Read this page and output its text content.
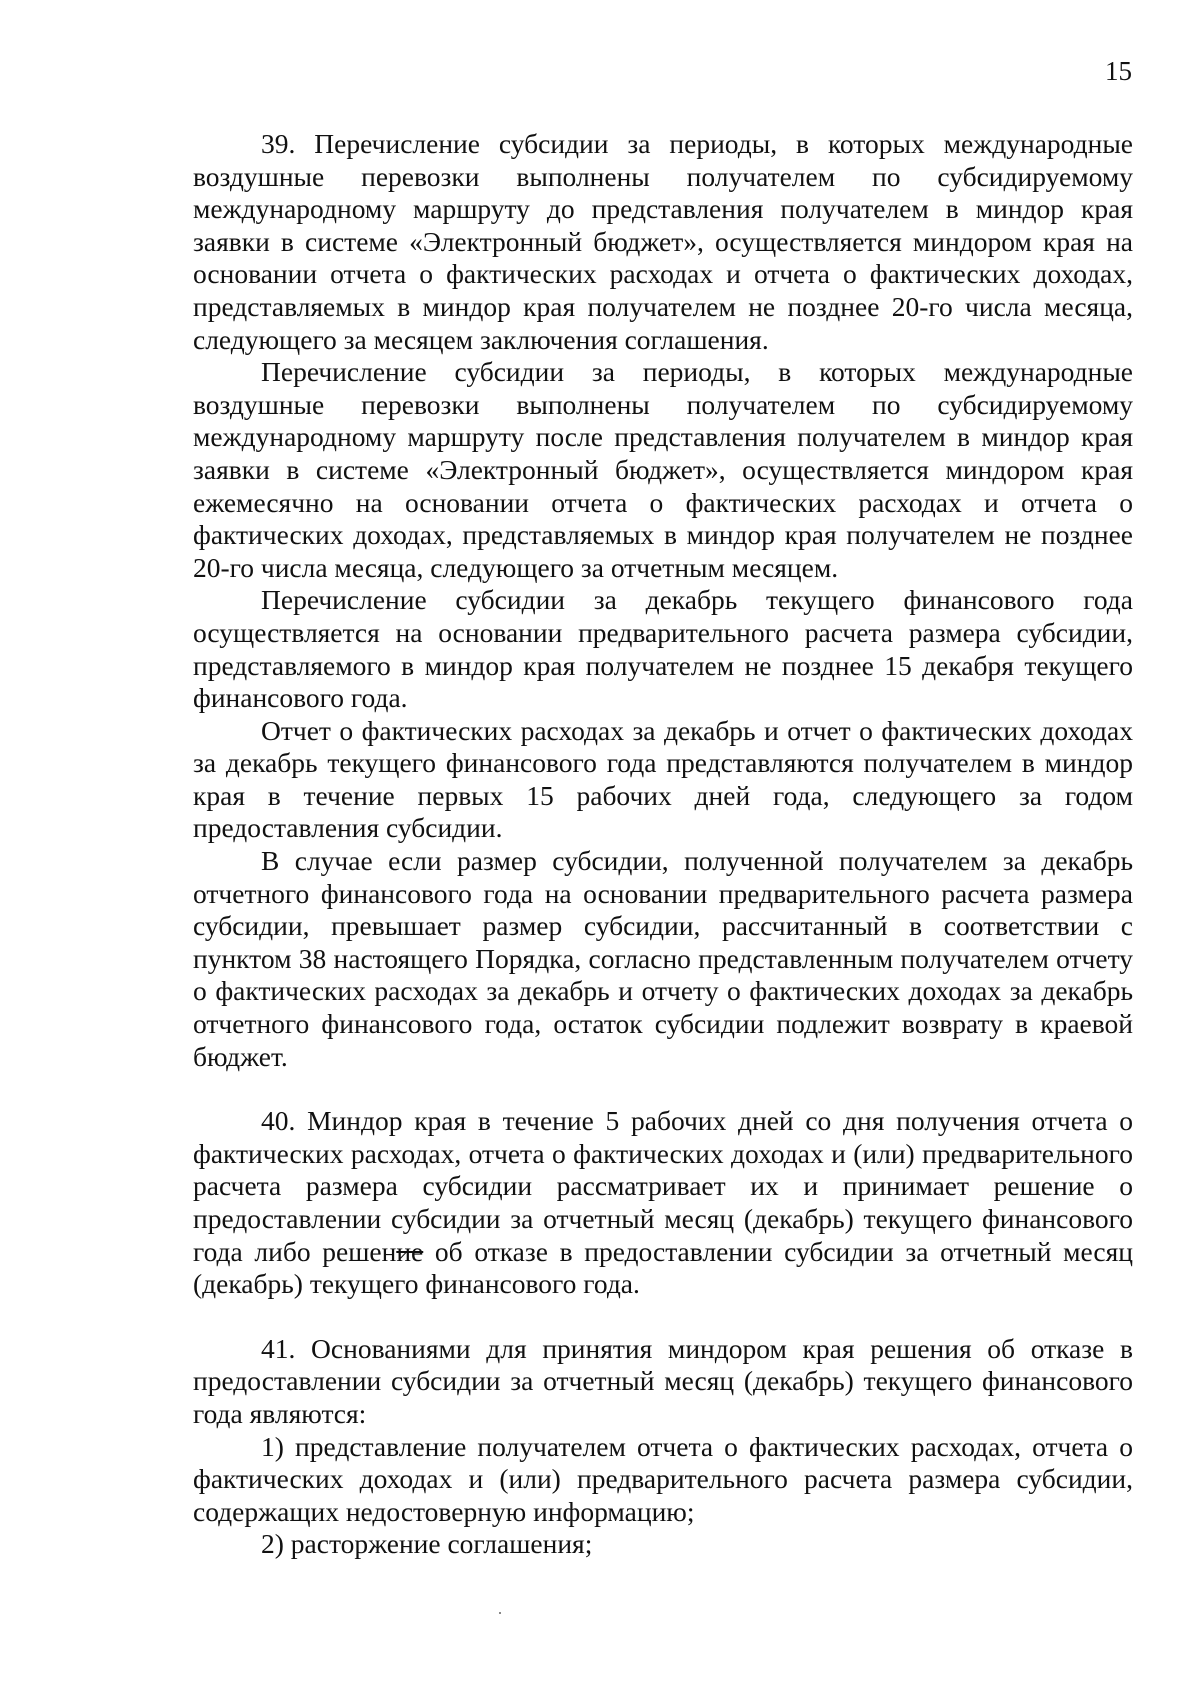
15

39. Перечисление субсидии за периоды, в которых международные воздушные перевозки выполнены получателем по субсидируемому международному маршруту до представления получателем в миндор края заявки в системе «Электронный бюджет», осуществляется миндором края на основании отчета о фактических расходах и отчета о фактических доходах, представляемых в миндор края получателем не позднее 20-го числа месяца, следующего за месяцем заключения соглашения.

Перечисление субсидии за периоды, в которых международные воздушные перевозки выполнены получателем по субсидируемому международному маршруту после представления получателем в миндор края заявки в системе «Электронный бюджет», осуществляется миндором края ежемесячно на основании отчета о фактических расходах и отчета о фактических доходах, представляемых в миндор края получателем не позднее 20-го числа месяца, следующего за отчетным месяцем.

Перечисление субсидии за декабрь текущего финансового года осуществляется на основании предварительного расчета размера субсидии, представляемого в миндор края получателем не позднее 15 декабря текущего финансового года.

Отчет о фактических расходах за декабрь и отчет о фактических доходах за декабрь текущего финансового года представляются получателем в миндор края в течение первых 15 рабочих дней года, следующего за годом предоставления субсидии.

В случае если размер субсидии, полученной получателем за декабрь отчетного финансового года на основании предварительного расчета размера субсидии, превышает размер субсидии, рассчитанный в соответствии с пунктом 38 настоящего Порядка, согласно представленным получателем отчету о фактических расходах за декабрь и отчету о фактических доходах за декабрь отчетного финансового года, остаток субсидии подлежит возврату в краевой бюджет.

40. Миндор края в течение 5 рабочих дней со дня получения отчета о фактических расходах, отчета о фактических доходах и (или) предварительного расчета размера субсидии рассматривает их и принимает решение о предоставлении субсидии за отчетный месяц (декабрь) текущего финансового года либо решение об отказе в предоставлении субсидии за отчетный месяц (декабрь) текущего финансового года.

41. Основаниями для принятия миндором края решения об отказе в предоставлении субсидии за отчетный месяц (декабрь) текущего финансового года являются:

1) представление получателем отчета о фактических расходах, отчета о фактических доходах и (или) предварительного расчета размера субсидии, содержащих недостоверную информацию;

2) расторжение соглашения;
